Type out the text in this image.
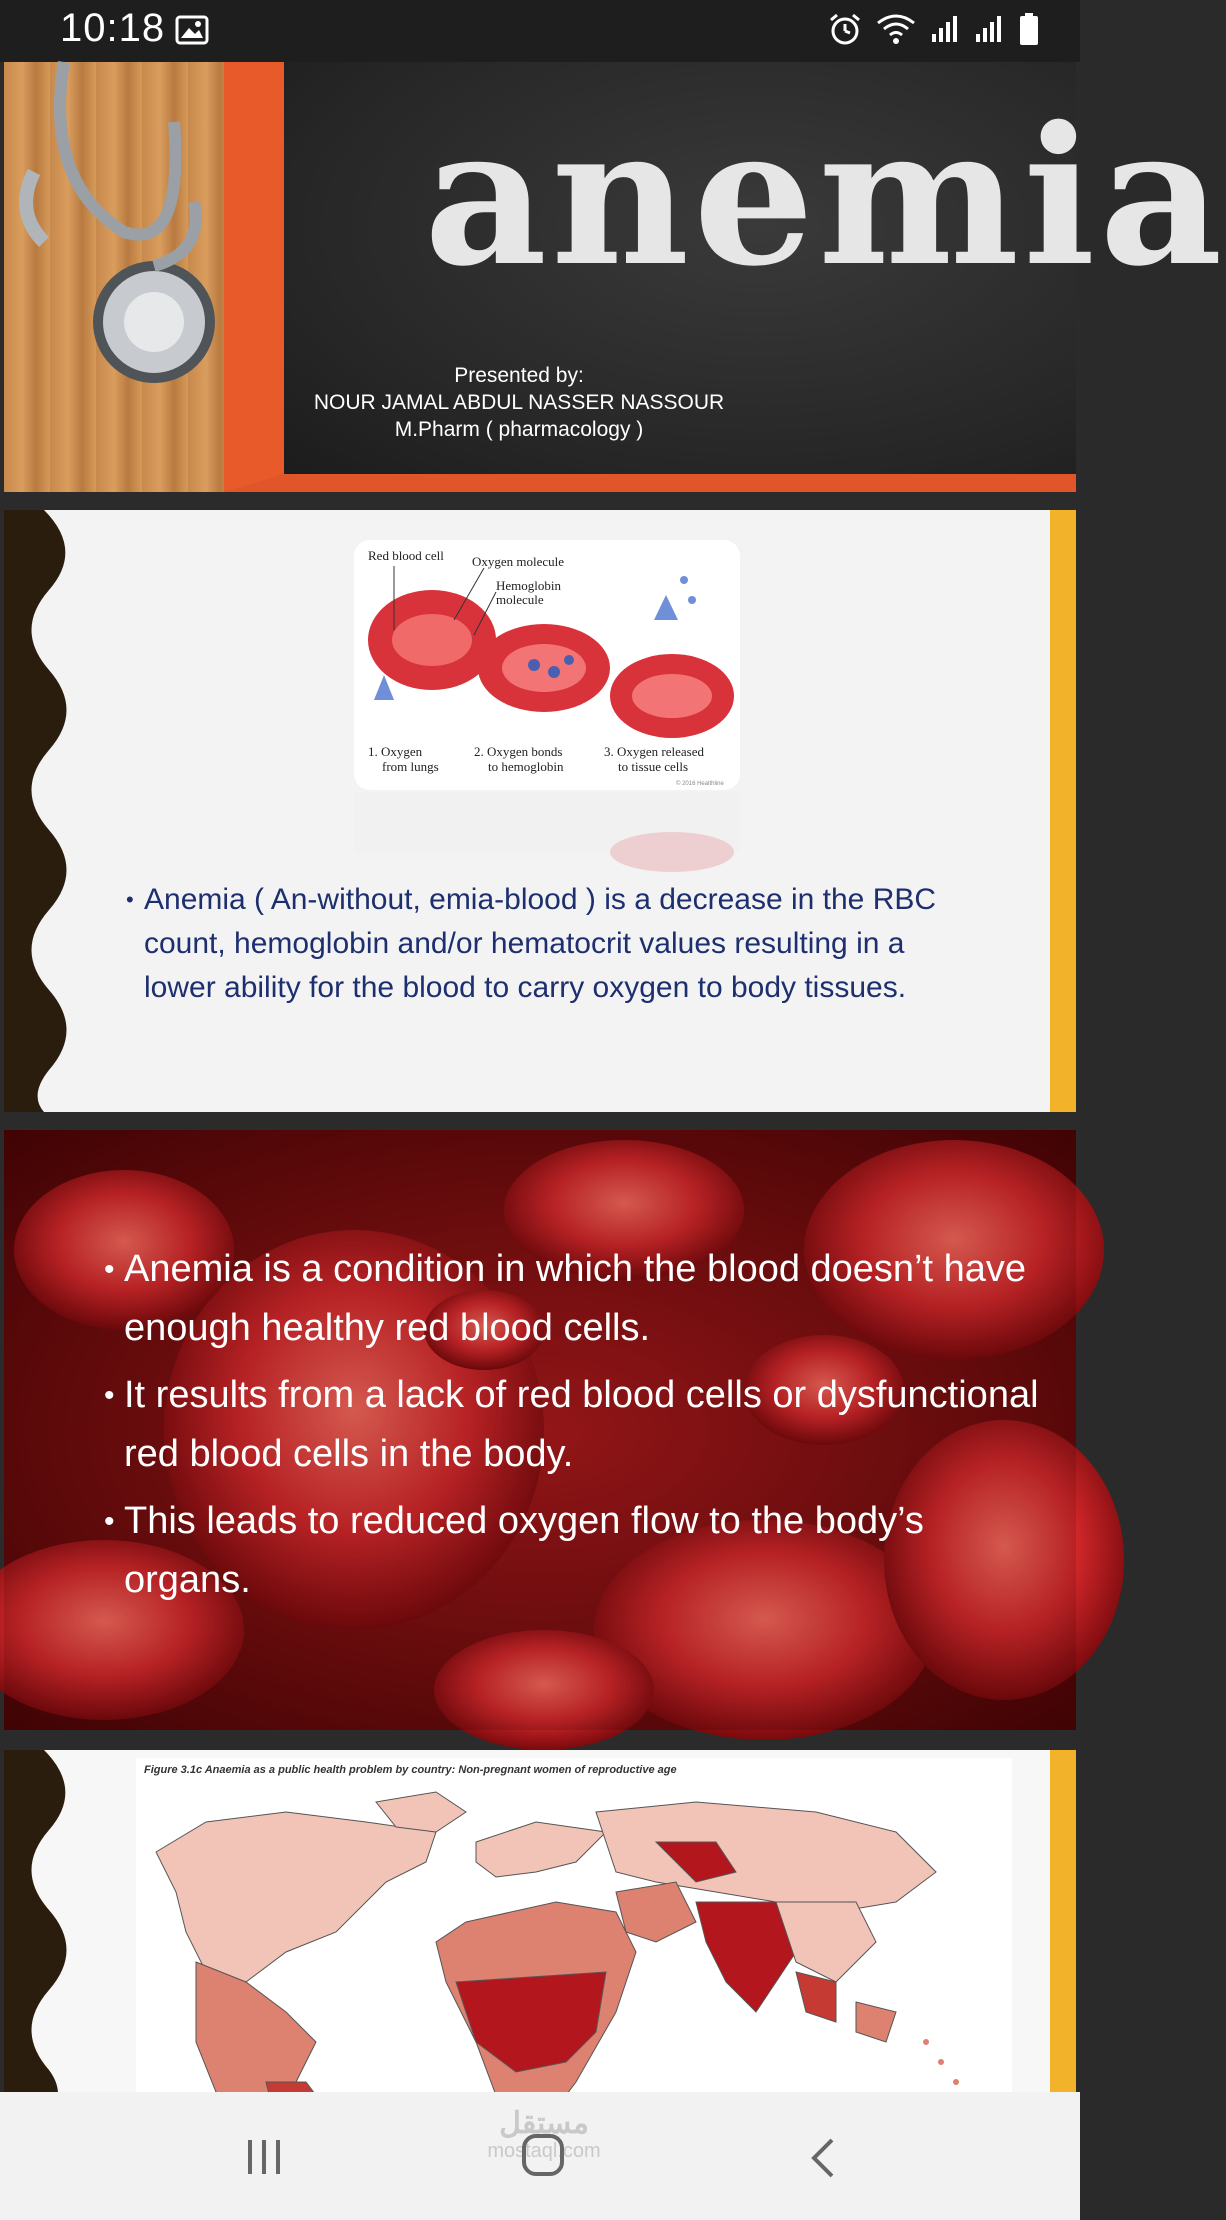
10:18
anemia
Presented by:
NOUR JAMAL ABDUL NASSER NASSOUR
M.Pharm ( pharmacology )
Red blood cell Oxygen molecule
Hemoglobin
molecule
1. Oxygen
from lungs
2. Oxygen bonds
to hemoglobin
3. Oxygen released
to tissue cells
© 2016 Healthline
• Anemia ( An-without, emia-blood ) is a decrease in the RBC count, hemoglobin and/or hematocrit values resulting in a lower ability for the blood to carry oxygen to body tissues.
• Anemia is a condition in which the blood doesn’t have enough healthy red blood cells.
• It results from a lack of red blood cells or dysfunctional red blood cells in the body.
• This leads to reduced oxygen flow to the body’s organs.
Figure 3.1c Anaemia as a public health problem by country: Non-pregnant women of reproductive age
مستقل
mostaql.com
